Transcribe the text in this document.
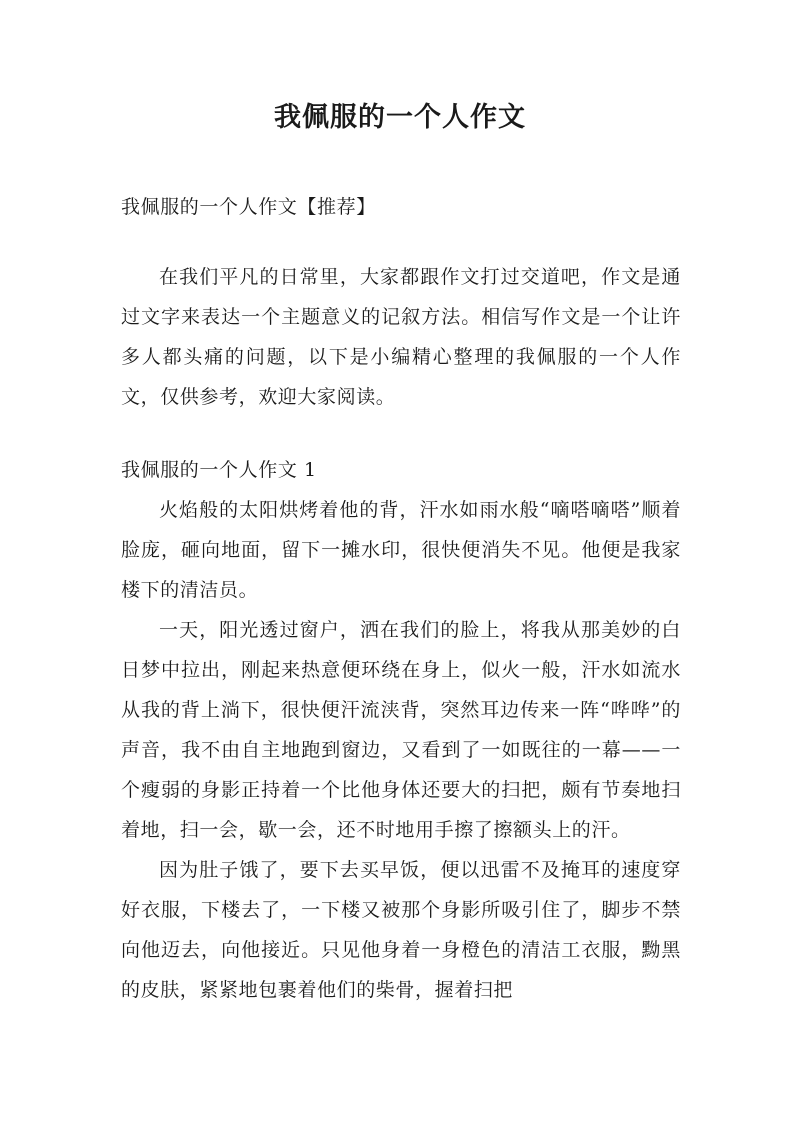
我佩服的一个人作文

我佩服的一个人作文【推荐】

在我们平凡的日常里，大家都跟作文打过交道吧，作文是通过文字来表达一个主题意义的记叙方法。相信写作文是一个让许多人都头痛的问题，以下是小编精心整理的我佩服的一个人作文，仅供参考，欢迎大家阅读。

我佩服的一个人作文 1

火焰般的太阳烘烤着他的背，汗水如雨水般“嘀嗒嘀嗒”顺着脸庞，砸向地面，留下一摊水印，很快便消失不见。他便是我家楼下的清洁员。

一天，阳光透过窗户，洒在我们的脸上，将我从那美妙的白日梦中拉出，刚起来热意便环绕在身上，似火一般，汗水如流水从我的背上淌下，很快便汗流浃背，突然耳边传来一阵“哗哗”的声音，我不由自主地跑到窗边，又看到了一如既往的一幕——一个瘦弱的身影正持着一个比他身体还要大的扫把，颇有节奏地扫着地，扫一会，歇一会，还不时地用手擦了擦额头上的汗。

因为肚子饿了，要下去买早饭，便以迅雷不及掩耳的速度穿好衣服，下楼去了，一下楼又被那个身影所吸引住了，脚步不禁向他迈去，向他接近。只见他身着一身橙色的清洁工衣服，黝黑的皮肤，紧紧地包裹着他们的柴骨，握着扫把
